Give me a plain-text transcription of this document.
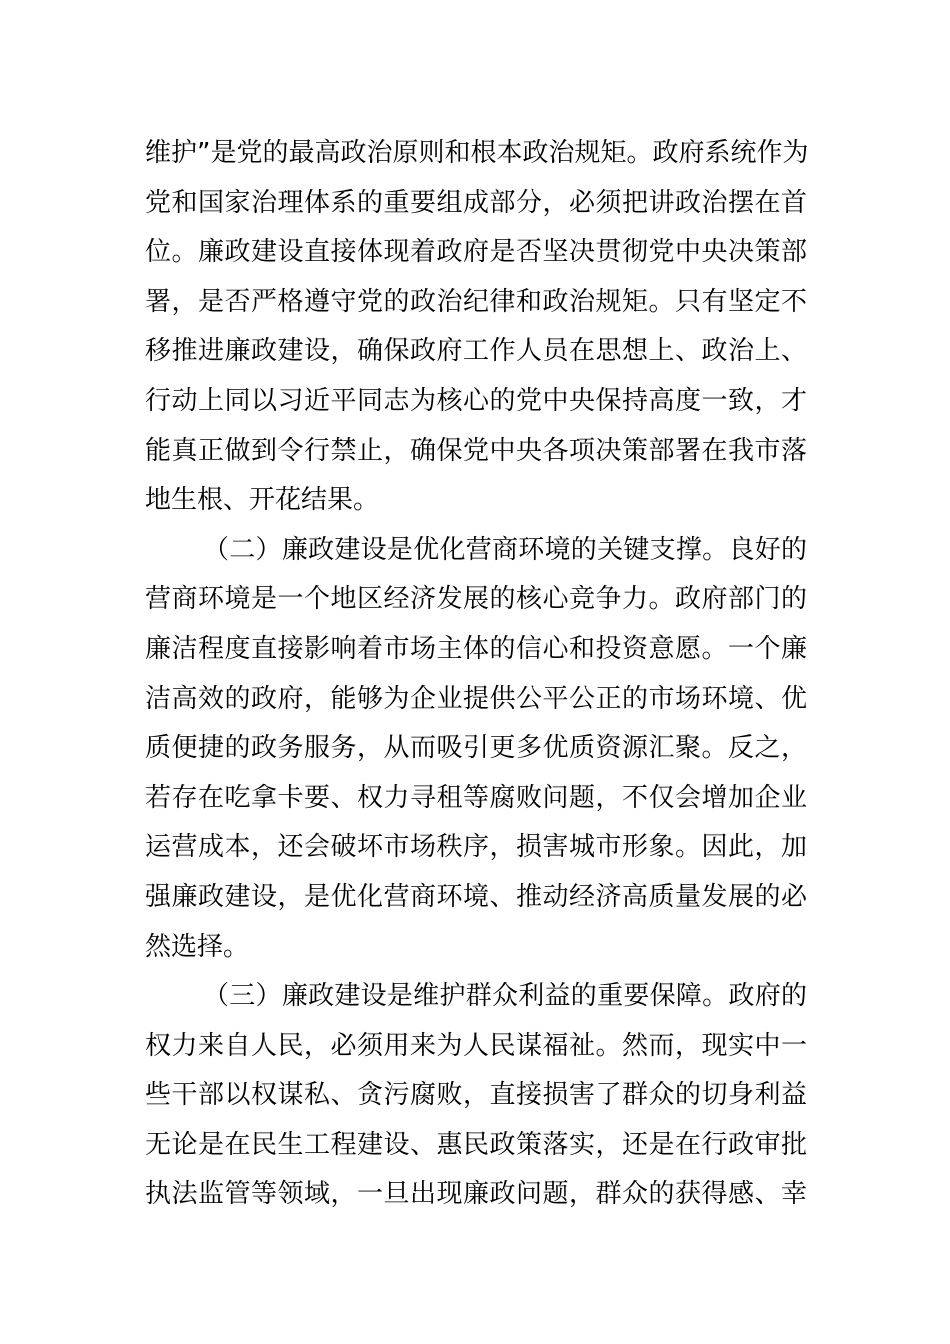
维护”是党的最高政治原则和根本政治规矩。政府系统作为
党和国家治理体系的重要组成部分，必须把讲政治摆在首
位。廉政建设直接体现着政府是否坚决贯彻党中央决策部
署，是否严格遵守党的政治纪律和政治规矩。只有坚定不
移推进廉政建设，确保政府工作人员在思想上、政治上、
行动上同以习近平同志为核心的党中央保持高度一致，才
能真正做到令行禁止，确保党中央各项决策部署在我市落
地生根、开花结果。
（二）廉政建设是优化营商环境的关键支撑。良好的
营商环境是一个地区经济发展的核心竞争力。政府部门的
廉洁程度直接影响着市场主体的信心和投资意愿。一个廉
洁高效的政府，能够为企业提供公平公正的市场环境、优
质便捷的政务服务，从而吸引更多优质资源汇聚。反之，
若存在吃拿卡要、权力寻租等腐败问题，不仅会增加企业
运营成本，还会破坏市场秩序，损害城市形象。因此，加
强廉政建设，是优化营商环境、推动经济高质量发展的必
然选择。
（三）廉政建设是维护群众利益的重要保障。政府的
权力来自人民，必须用来为人民谋福祉。然而，现实中一
些干部以权谋私、贪污腐败，直接损害了群众的切身利益
无论是在民生工程建设、惠民政策落实，还是在行政审批
执法监管等领域，一旦出现廉政问题，群众的获得感、幸
